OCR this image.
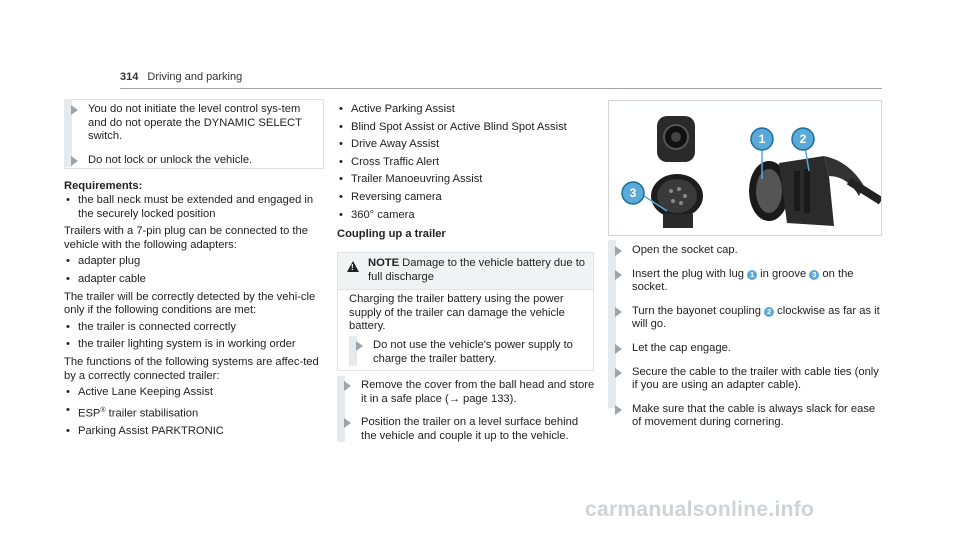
314 Driving and parking
You do not initiate the level control sys-tem and do not operate the DYNAMIC SELECT switch.
Do not lock or unlock the vehicle.
Requirements:
• the ball neck must be extended and engaged in the securely locked position
Trailers with a 7-pin plug can be connected to the vehicle with the following adapters:
• adapter plug
• adapter cable
The trailer will be correctly detected by the vehi-cle only if the following conditions are met:
• the trailer is connected correctly
• the trailer lighting system is in working order
The functions of the following systems are affec-ted by a correctly connected trailer:
• Active Lane Keeping Assist
• ESP® trailer stabilisation
• Parking Assist PARKTRONIC
• Active Parking Assist
• Blind Spot Assist or Active Blind Spot Assist
• Drive Away Assist
• Cross Traffic Alert
• Trailer Manoeuvring Assist
• Reversing camera
• 360° camera
Coupling up a trailer
! NOTE Damage to the vehicle battery due to full discharge
Charging the trailer battery using the power supply of the trailer can damage the vehicle battery.
Do not use the vehicle's power supply to charge the trailer battery.
Remove the cover from the ball head and store it in a safe place (→ page 133).
Position the trailer on a level surface behind the vehicle and couple it up to the vehicle.
1	2
3
Open the socket cap.
Insert the plug with lug 1 in groove 3 on the socket.
Turn the bayonet coupling 2 clockwise as far as it will go.
Let the cap engage.
Secure the cable to the trailer with cable ties (only if you are using an adapter cable).
Make sure that the cable is always slack for ease of movement during cornering.
carmanualsonline.info
